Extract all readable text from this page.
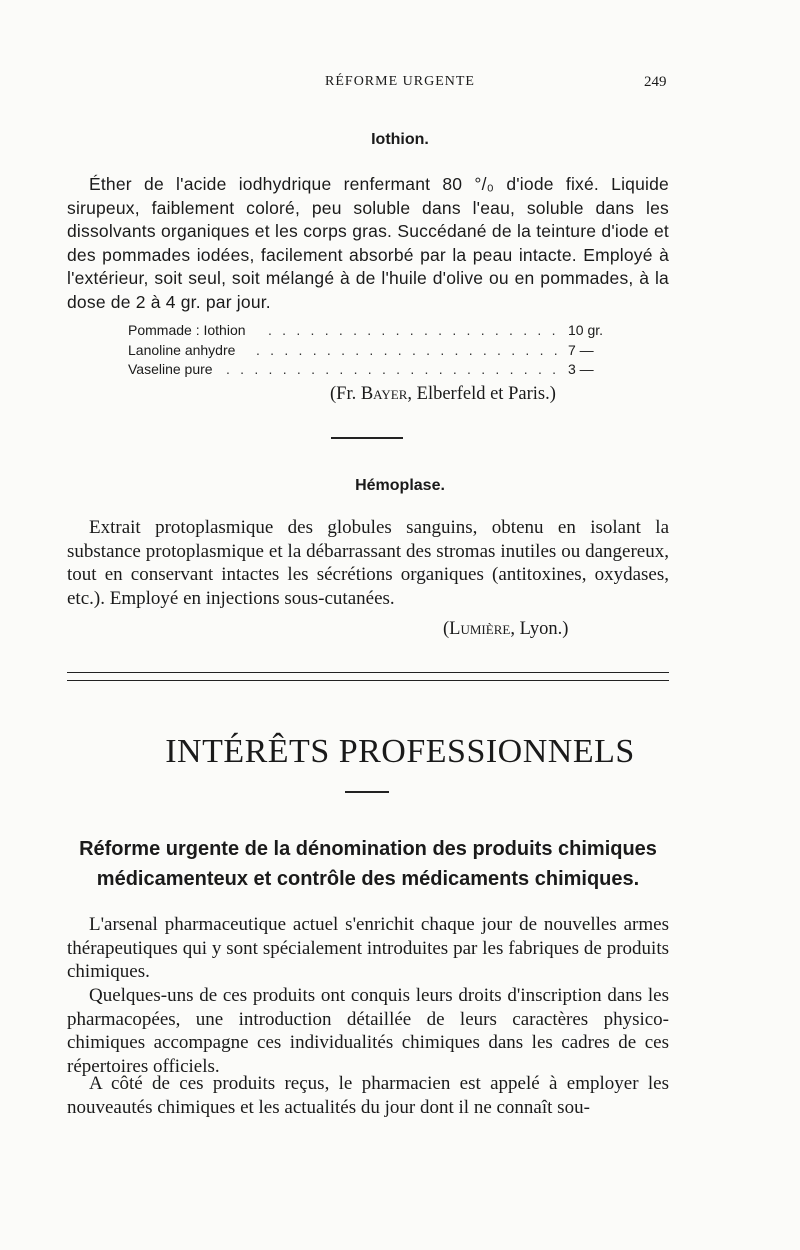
RÉFORME URGENTE	249
Iothion.

Éther de l'acide iodhydrique renfermant 80 °/₀ d'iode fixé. Liquide sirupeux, faiblement coloré, peu soluble dans l'eau, soluble dans les dissolvants organiques et les corps gras. Succédané de la teinture d'iode et des pommades iodées, facilement absorbé par la peau intacte. Employé à l'extérieur, soit seul, soit mélangé à de l'huile d'olive ou en pommades, à la dose de 2 à 4 gr. par jour.

Pommade : Iothion . . . . . . . . . . . . . . . . . . . . . 10 gr.
Lanoline anhydre . . . . . . . . . . . . . . . . . . . . . . 7 —
Vaseline pure . . . . . . . . . . . . . . . . . . . . . . . . 3 —
(Fr. Bayer, Elberfeld et Paris.)
Hémoplase.

Extrait protoplasmique des globules sanguins, obtenu en isolant la substance protoplasmique et la débarrassant des stromas inutiles ou dangereux, tout en conservant intactes les sécrétions organiques (antitoxines, oxydases, etc.). Employé en injections sous-cutanées.

(Lumière, Lyon.)
INTÉRÊTS PROFESSIONNELS
Réforme urgente de la dénomination des produits chimiques médicamenteux et contrôle des médicaments chimiques.

L'arsenal pharmaceutique actuel s'enrichit chaque jour de nouvelles armes thérapeutiques qui y sont spécialement introduites par les fabriques de produits chimiques.

Quelques-uns de ces produits ont conquis leurs droits d'inscription dans les pharmacopées, une introduction détaillée de leurs caractères physico-chimiques accompagne ces individualités chimiques dans les cadres de ces répertoires officiels.

A côté de ces produits reçus, le pharmacien est appelé à employer les nouveautés chimiques et les actualités du jour dont il ne connaît sou-
